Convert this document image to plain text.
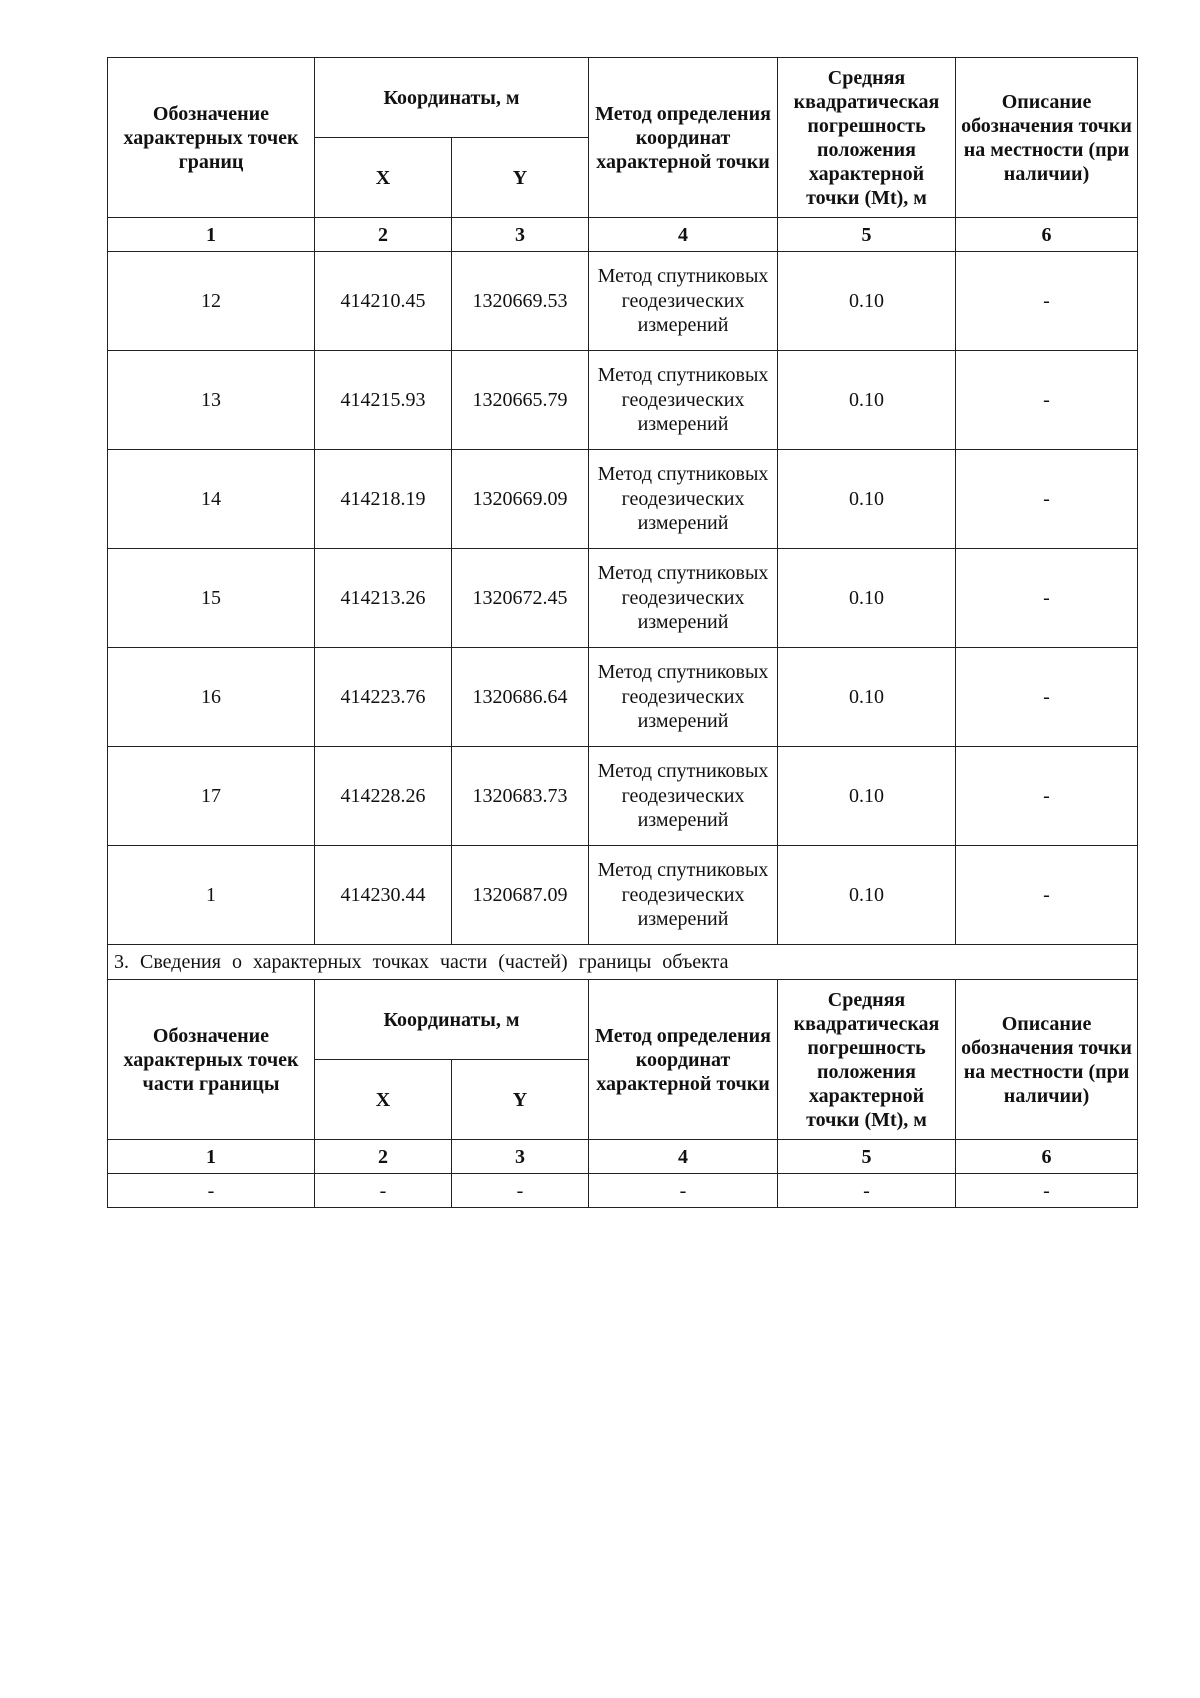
Обозначение характерных точек границ	Координаты, м		Метод определения координат характерной точки	Средняя квадратическая погрешность положения характерной точки (Mt), м	Описание обозначения точки на местности (при наличии)
	X	Y			
1	2	3	4	5	6
12	414210.45	1320669.53	Метод спутниковых геодезических измерений	0.10	-
13	414215.93	1320665.79	Метод спутниковых геодезических измерений	0.10	-
14	414218.19	1320669.09	Метод спутниковых геодезических измерений	0.10	-
15	414213.26	1320672.45	Метод спутниковых геодезических измерений	0.10	-
16	414223.76	1320686.64	Метод спутниковых геодезических измерений	0.10	-
17	414228.26	1320683.73	Метод спутниковых геодезических измерений	0.10	-
1	414230.44	1320687.09	Метод спутниковых геодезических измерений	0.10	-
3. Сведения о характерных точках части (частей) границы объекта					
Обозначение характерных точек части границы	Координаты, м		Метод определения координат характерной точки	Средняя квадратическая погрешность положения характерной точки (Mt), м	Описание обозначения точки на местности (при наличии)
	X	Y			
1	2	3	4	5	6
-	-	-	-	-	-
